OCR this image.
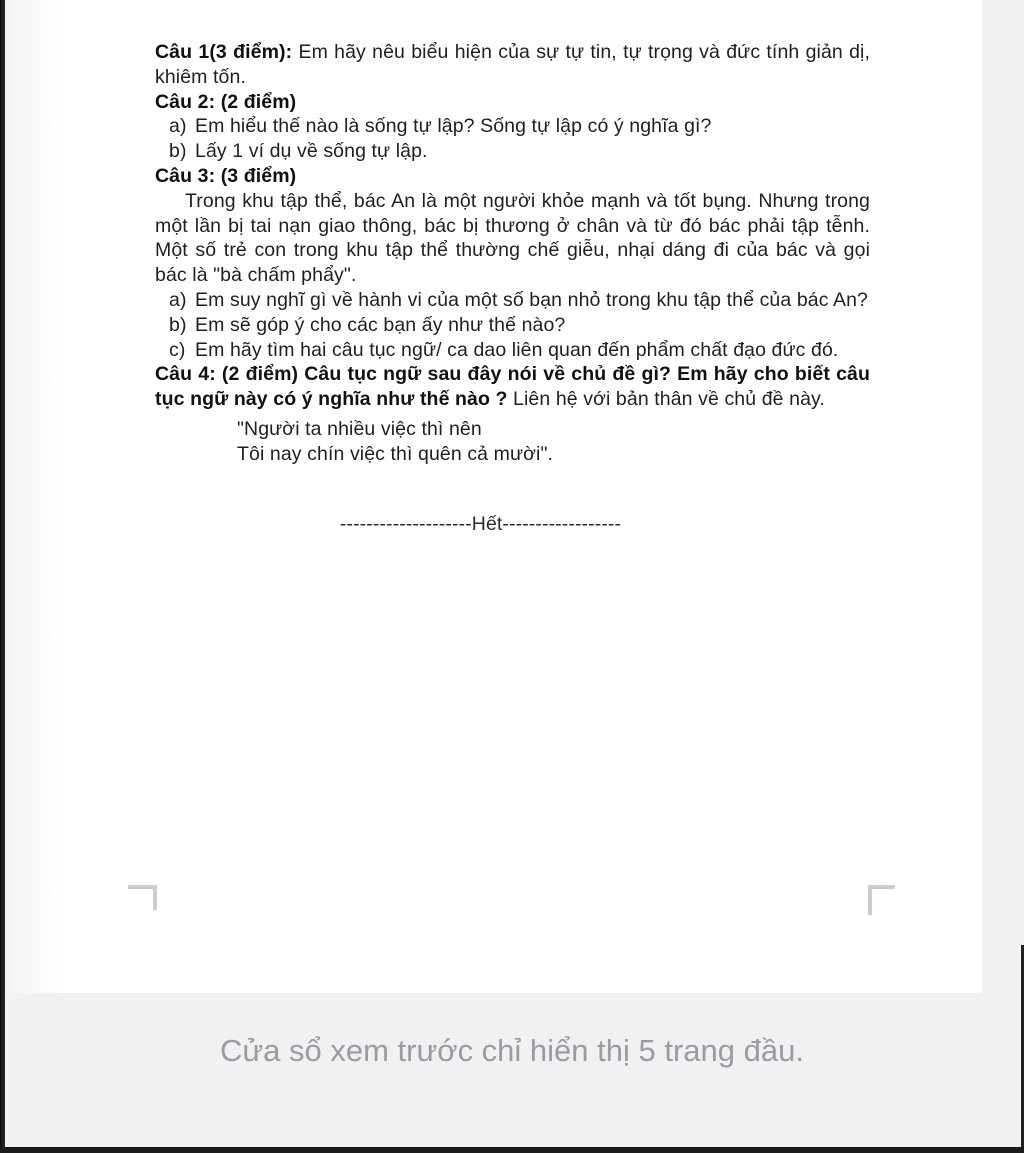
Câu 1(3 điểm): Em hãy nêu biểu hiện của sự tự tin, tự trọng và đức tính giản dị, khiêm tốn.

Câu 2: (2 điểm)

a) Em hiểu thế nào là sống tự lập? Sống tự lập có ý nghĩa gì?
b) Lấy 1 ví dụ về sống tự lập.

Câu 3: (3 điểm)

Trong khu tập thể, bác An là một người khỏe mạnh và tốt bụng. Nhưng trong một lần bị tai nạn giao thông, bác bị thương ở chân và từ đó bác phải tập tễnh. Một số trẻ con trong khu tập thể thường chế giễu, nhại dáng đi của bác và gọi bác là "bà chấm phẩy".

a) Em suy nghĩ gì về hành vi của một số bạn nhỏ trong khu tập thể của bác An?
b) Em sẽ góp ý cho các bạn ấy như thế nào?
c) Em hãy tìm hai câu tục ngữ/ ca dao liên quan đến phẩm chất đạo đức đó.

Câu 4: (2 điểm) Câu tục ngữ sau đây nói về chủ đề gì? Em hãy cho biết câu tục ngữ này có ý nghĩa như thế nào ? Liên hệ với bản thân về chủ đề này.

"Người ta nhiều việc thì nên

Tôi nay chín việc thì quên cả mười".

--------------------Hết------------------

Cửa sổ xem trước chỉ hiển thị 5 trang đầu.
